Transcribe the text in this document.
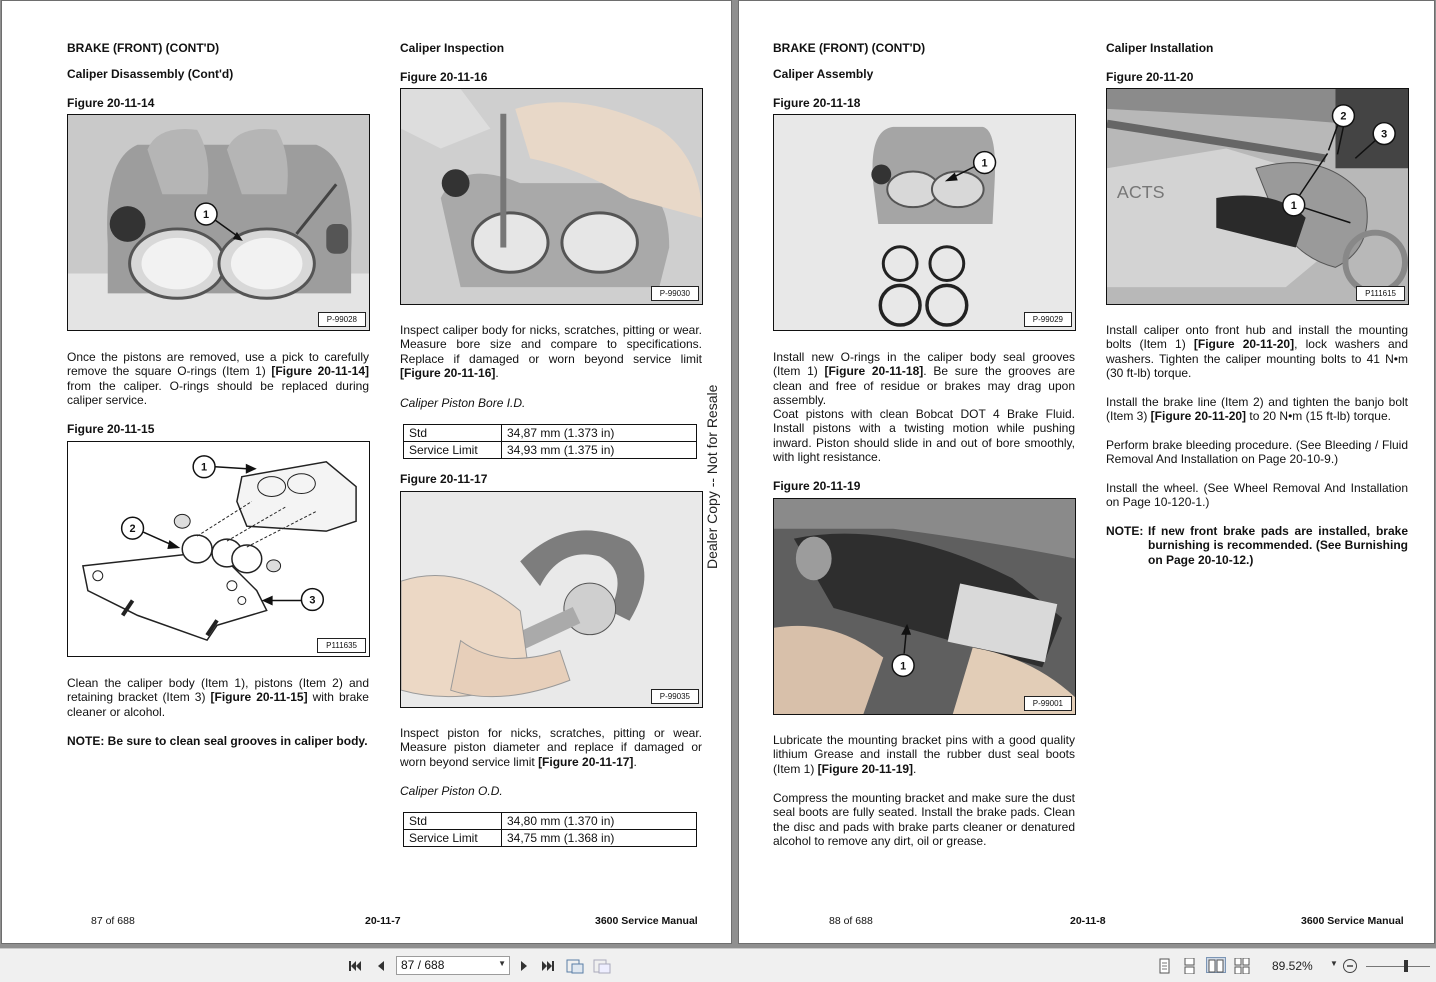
BRAKE (FRONT) (CONT'D)
Caliper Disassembly (Cont'd)
Figure 20-11-14
1
P-99028
Once the pistons are removed, use a pick to carefully remove the square O-rings (Item 1) [Figure 20-11-14] from the caliper. O-rings should be replaced during caliper service.
Figure 20-11-15
1
2
3
P111635
Clean the caliper body (Item 1), pistons (Item 2) and retaining bracket (Item 3) [Figure 20-11-15] with brake cleaner or alcohol.
NOTE: Be sure to clean seal grooves in caliper body.
Caliper Inspection
Figure 20-11-16
P-99030
Inspect caliper body for nicks, scratches, pitting or wear. Measure bore size and compare to specifications. Replace if damaged or worn beyond service limit [Figure 20-11-16].
Caliper Piston Bore I.D.
Std	34,87 mm (1.373 in)
Service Limit	34,93 mm (1.375 in)
Figure 20-11-17
P-99035
Inspect piston for nicks, scratches, pitting or wear. Measure piston diameter and replace if damaged or worn beyond service limit [Figure 20-11-17].
Caliper Piston O.D.
Std	34,80 mm (1.370 in)
Service Limit	34,75 mm (1.368 in)
87 of 688	20-11-7	3600 Service Manual
Dealer Copy -- Not for Resale
BRAKE (FRONT) (CONT'D)
Caliper Assembly
Figure 20-11-18
1
P-99029
Install new O-rings in the caliper body seal grooves (Item 1) [Figure 20-11-18]. Be sure the grooves are clean and free of residue or brakes may drag upon assembly.
Coat pistons with clean Bobcat DOT 4 Brake Fluid. Install pistons with a twisting motion while pushing inward. Piston should slide in and out of bore smoothly, with light resistance.
Figure 20-11-19
1
P-99001
Lubricate the mounting bracket pins with a good quality lithium Grease and install the rubber dust seal boots (Item 1) [Figure 20-11-19].
Compress the mounting bracket and make sure the dust seal boots are fully seated. Install the brake pads. Clean the disc and pads with brake parts cleaner or denatured alcohol to remove any dirt, oil or grease.
Caliper Installation
Figure 20-11-20
ACTS
2
3
1
P111615
Install caliper onto front hub and install the mounting bolts (Item 1) [Figure 20-11-20], lock washers and washers. Tighten the caliper mounting bolts to 41 N•m (30 ft-lb) torque.
Install the brake line (Item 2) and tighten the banjo bolt (Item 3) [Figure 20-11-20] to 20 N•m (15 ft-lb) torque.
Perform brake bleeding procedure. (See Bleeding / Fluid Removal And Installation on Page 20-10-9.)
Install the wheel. (See Wheel Removal And Installation on Page 10-120-1.)
NOTE: If new front brake pads are installed, brake burnishing is recommended. (See Burnishing on Page 20-10-12.)
88 of 688	20-11-8	3600 Service Manual
87 / 688	▼	89.52% ▼
